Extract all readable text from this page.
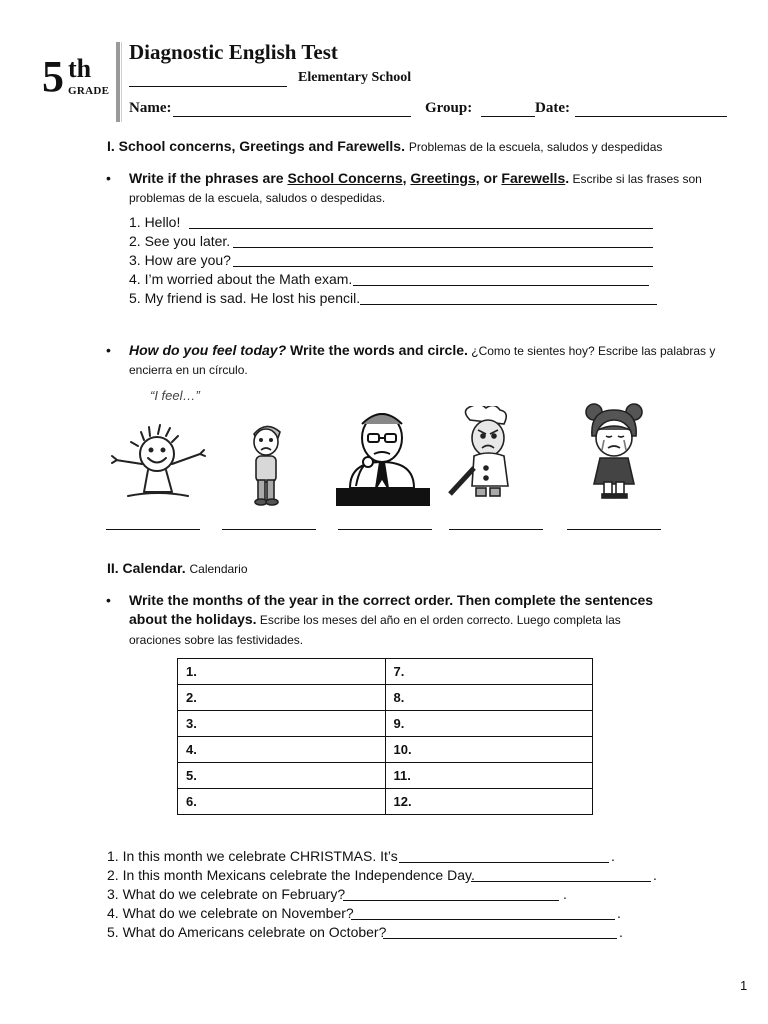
5 th
GRADE
Diagnostic English Test
Elementary School
Name:	Group:	Date:
I. School concerns, Greetings and Farewells. Problemas de la escuela, saludos y despedidas
• Write if the phrases are School Concerns, Greetings, or Farewells. Escribe si las frases son problemas de la escuela, saludos o despedidas.
1. Hello!
2. See you later.
3. How are you?
4. I’m worried about the Math exam.
5. My friend is sad. He lost his pencil.
• How do you feel today? Write the words and circle. ¿Como te sientes hoy? Escribe las palabras y encierra en un círculo.
“I feel…”
II. Calendar. Calendario
• Write the months of the year in the correct order. Then complete the sentences about the holidays. Escribe los meses del año en el orden correcto. Luego completa las oraciones sobre las festividades.
1.	7.
2.	8.
3.	9.
4.	10.
5.	11.
6.	12.
1. In this month we celebrate CHRISTMAS. It’s	.
2. In this month Mexicans celebrate the Independence Day.	.
3. What do we celebrate on February?	.
4. What do we celebrate on November?	.
5. What do Americans celebrate on October?	.
1
